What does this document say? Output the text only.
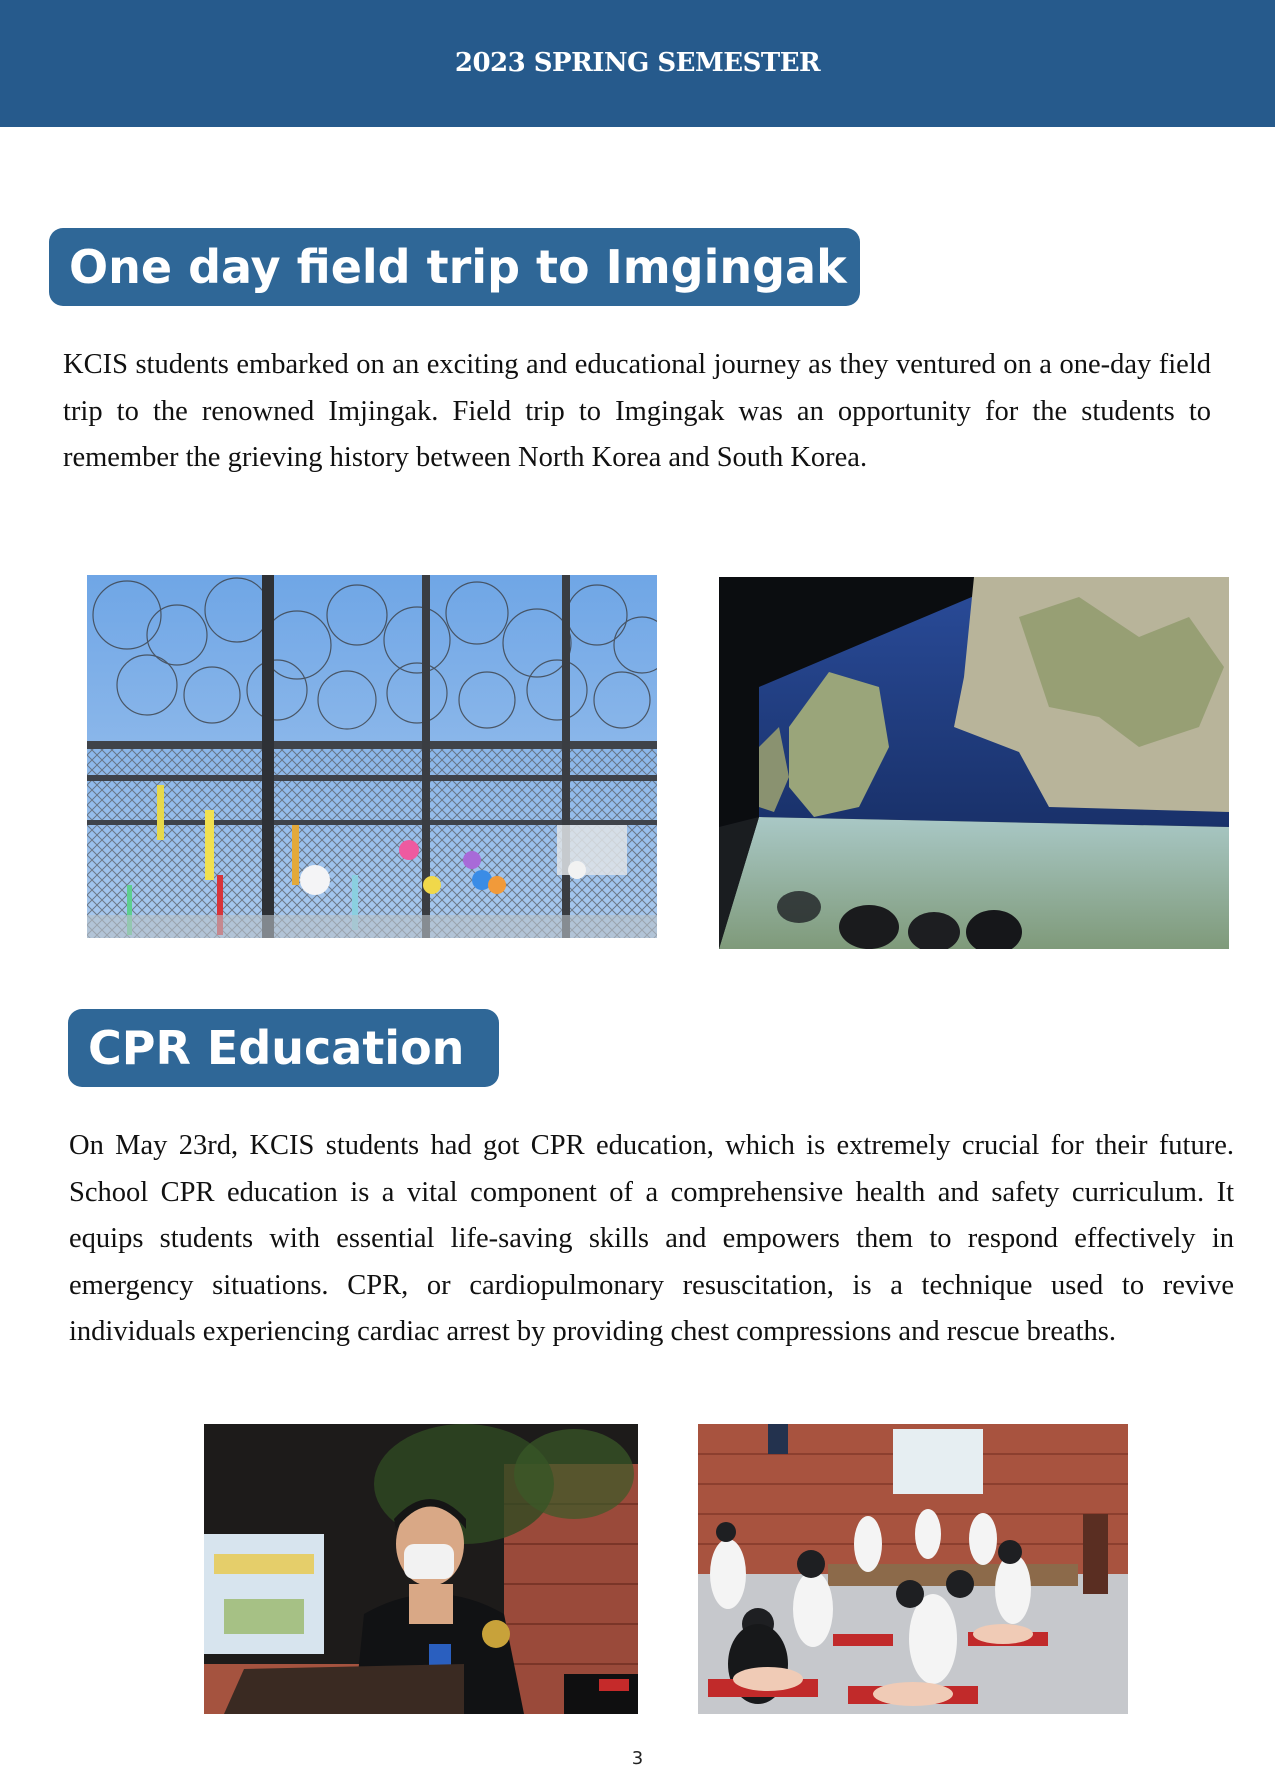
2023 SPRING SEMESTER
One day field trip to Imgingak

KCIS students embarked on an exciting and educational journey as they ventured on a one-day field trip to the renowned Imjingak. Field trip to Imgingak was an opportunity for the students to remember the grieving history between North Korea and South Korea.

CPR Education

On May 23rd, KCIS students had got CPR education, which is extremely crucial for their future. School CPR education is a vital component of a comprehensive health and safety curriculum. It equips students with essential life-saving skills and empowers them to respond effectively in emergency situations. CPR, or cardiopulmonary resuscitation, is a technique used to revive individuals experiencing cardiac arrest by providing chest compressions and rescue breaths.

3
